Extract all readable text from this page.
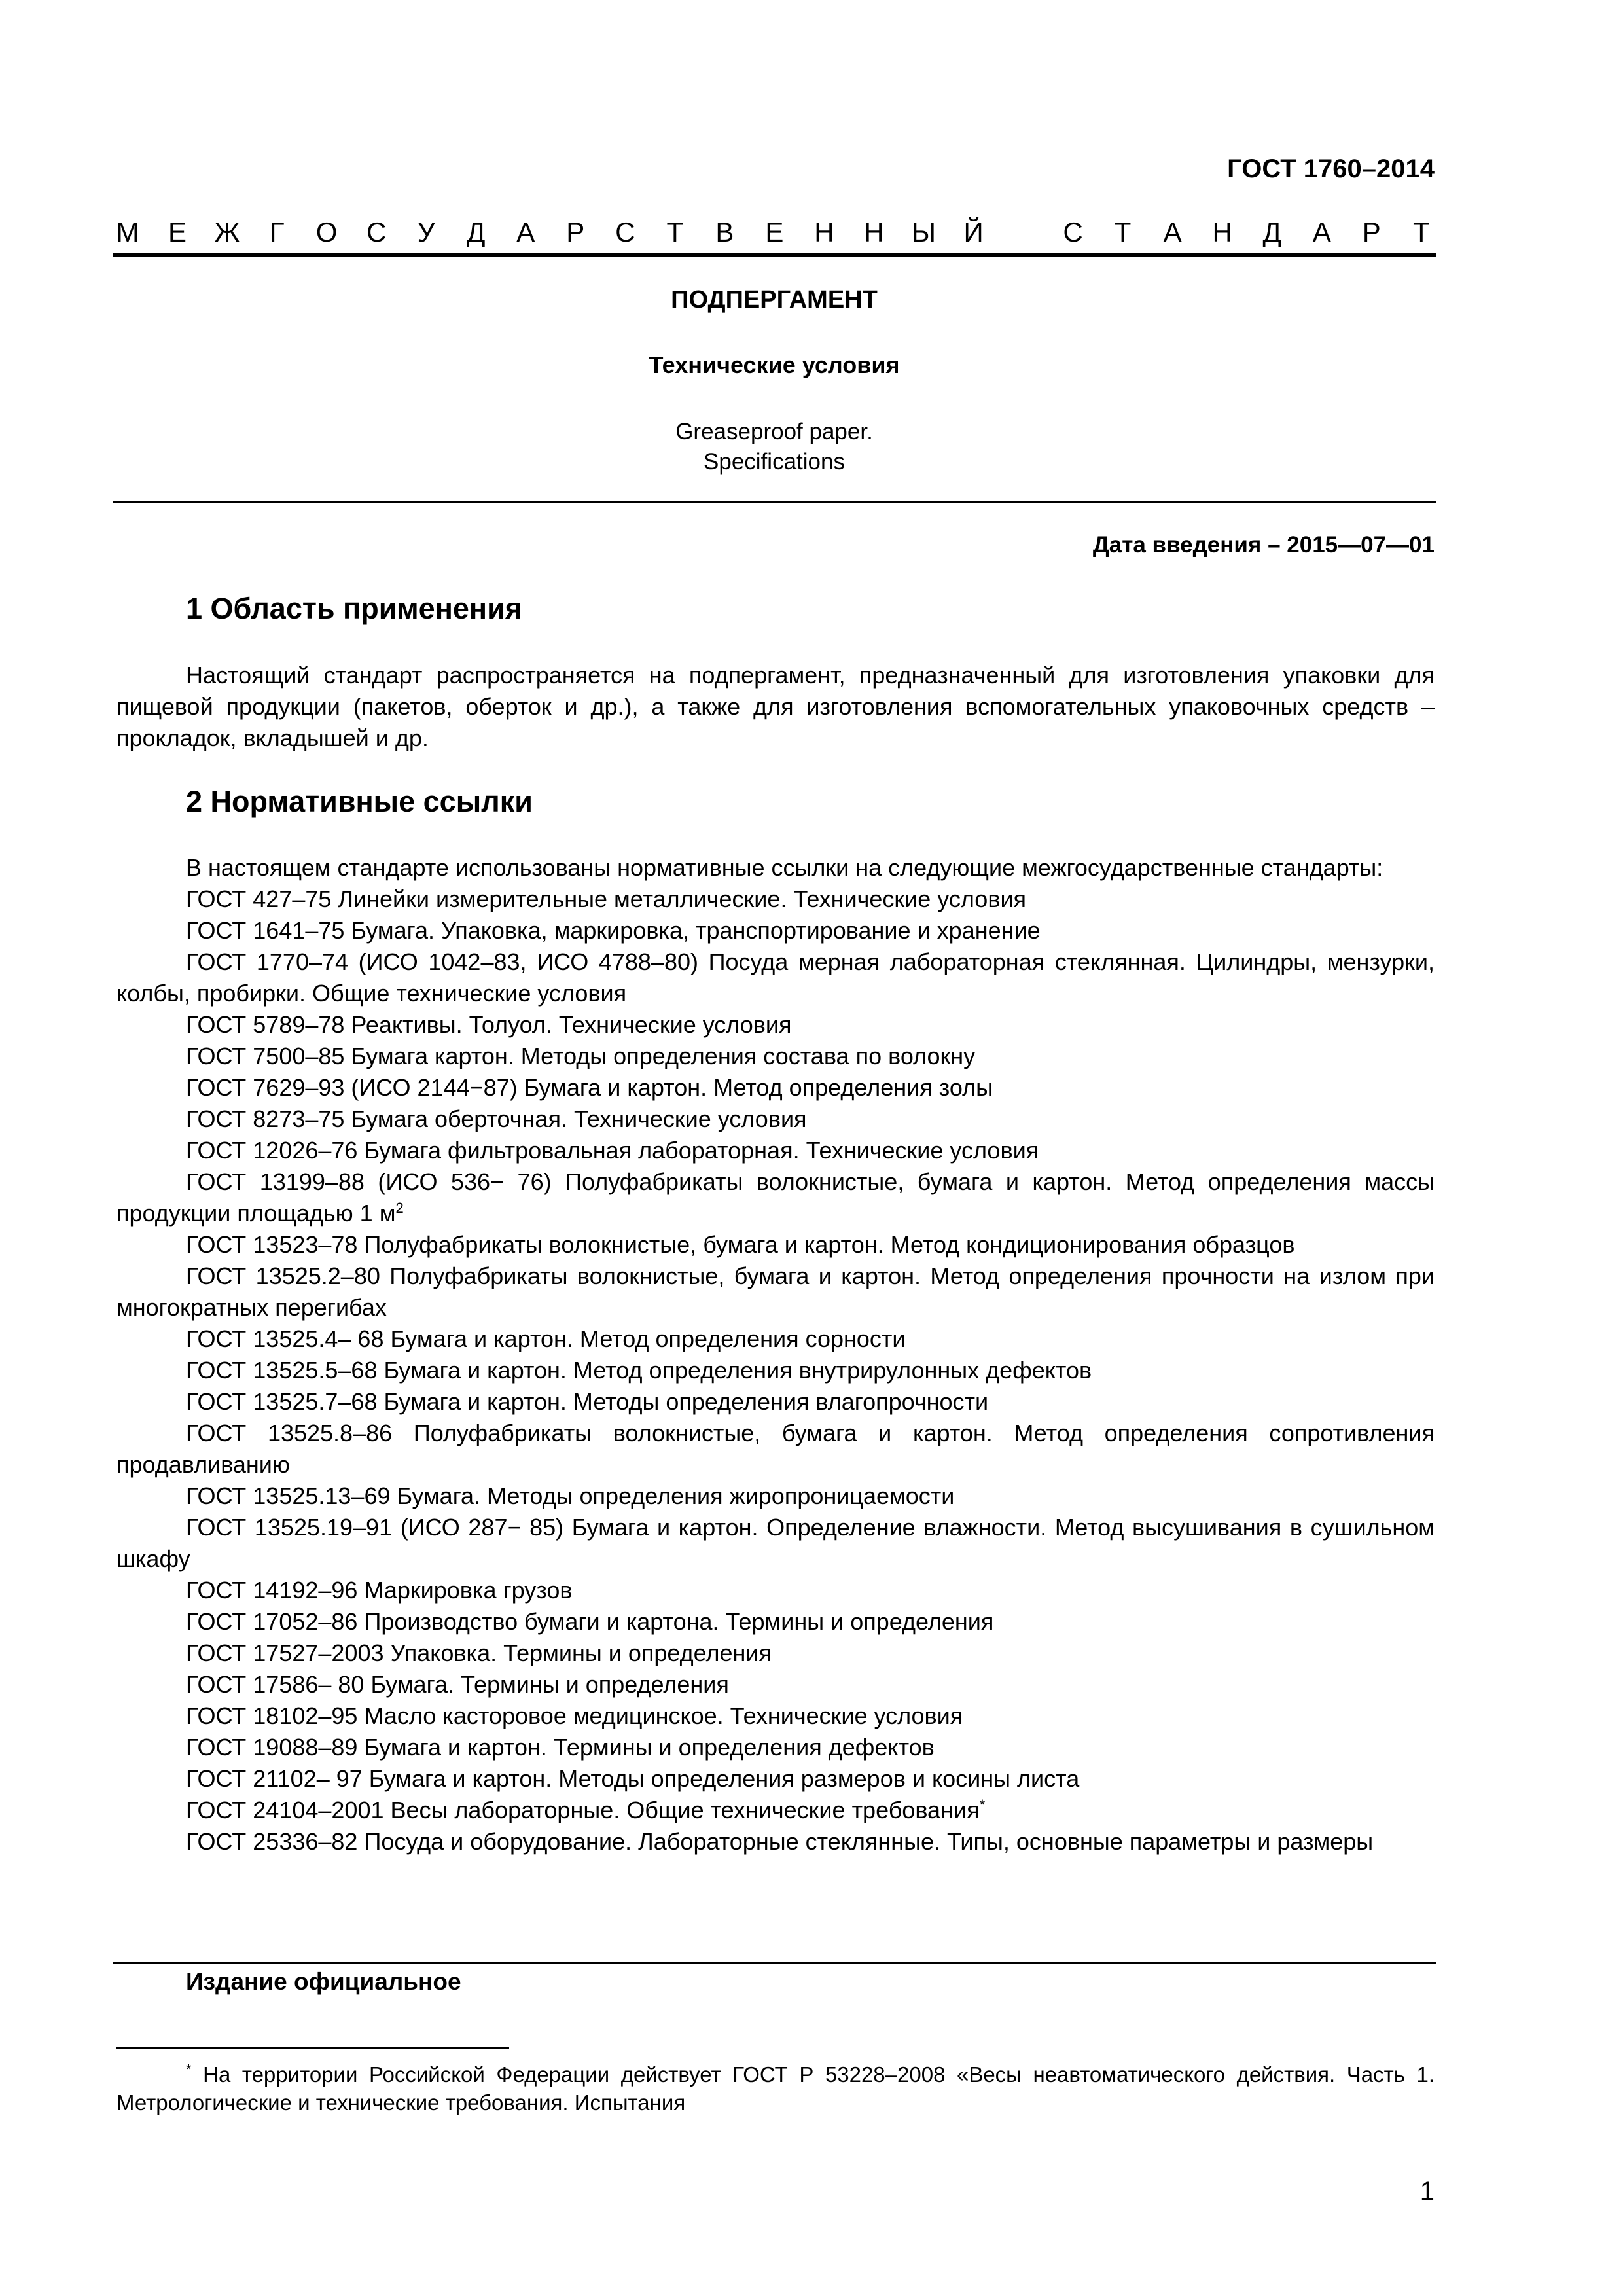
ГОСТ 1760–2014
М Е Ж Г О С У Д А Р С Т В Е Н Н Ы Й	С Т А Н Д А Р Т
ПОДПЕРГАМЕНТ
Технические условия
Greaseproof paper.
Specifications
Дата введения – 2015—07—01
1 Область применения

Настоящий стандарт распространяется на подпергамент, предназначенный для изготовления упаковки для пищевой продукции (пакетов, оберток и др.), а также для изготовления вспомогательных упаковочных средств – прокладок, вкладышей и др.

2 Нормативные ссылки

В настоящем стандарте использованы нормативные ссылки на следующие межгосударственные стандарты:

ГОСТ 427–75 Линейки измерительные металлические. Технические условия

ГОСТ 1641–75 Бумага. Упаковка, маркировка, транспортирование и хранение

ГОСТ 1770–74 (ИСО 1042–83, ИСО 4788–80) Посуда мерная лабораторная стеклянная. Цилиндры, мензурки, колбы, пробирки. Общие технические условия

ГОСТ 5789–78 Реактивы. Толуол. Технические условия

ГОСТ 7500–85 Бумага картон. Методы определения состава по волокну

ГОСТ 7629–93 (ИСО 2144−87) Бумага и картон. Метод определения золы

ГОСТ 8273–75 Бумага оберточная. Технические условия

ГОСТ 12026–76 Бумага фильтровальная лабораторная. Технические условия

ГОСТ 13199–88 (ИСО 536− 76) Полуфабрикаты волокнистые, бумага и картон. Метод определения массы продукции площадью 1 $м^2$

ГОСТ 13523–78 Полуфабрикаты волокнистые, бумага и картон. Метод кондиционирования образцов

ГОСТ 13525.2–80 Полуфабрикаты волокнистые, бумага и картон. Метод определения прочности на излом при многократных перегибах

ГОСТ 13525.4– 68 Бумага и картон. Метод определения сорности

ГОСТ 13525.5–68 Бумага и картон. Метод определения внутрирулонных дефектов

ГОСТ 13525.7–68 Бумага и картон. Методы определения влагопрочности

ГОСТ 13525.8–86 Полуфабрикаты волокнистые, бумага и картон. Метод определения сопротивления продавливанию

ГОСТ 13525.13–69 Бумага. Методы определения жиропроницаемости

ГОСТ 13525.19–91 (ИСО 287− 85) Бумага и картон. Определение влажности. Метод высушивания в сушильном шкафу

ГОСТ 14192–96 Маркировка грузов

ГОСТ 17052–86 Производство бумаги и картона. Термины и определения

ГОСТ 17527–2003 Упаковка. Термины и определения

ГОСТ 17586– 80 Бумага. Термины и определения

ГОСТ 18102–95 Масло касторовое медицинское. Технические условия

ГОСТ 19088–89 Бумага и картон. Термины и определения дефектов

ГОСТ 21102– 97 Бумага и картон. Методы определения размеров и косины листа

ГОСТ 24104–2001 Весы лабораторные. Общие технические требования*

ГОСТ 25336–82 Посуда и оборудование. Лабораторные стеклянные. Типы, основные параметры и размеры

Издание официальное

* На территории Российской Федерации действует ГОСТ Р 53228–2008 «Весы неавтоматического действия. Часть 1. Метрологические и технические требования. Испытания

1
